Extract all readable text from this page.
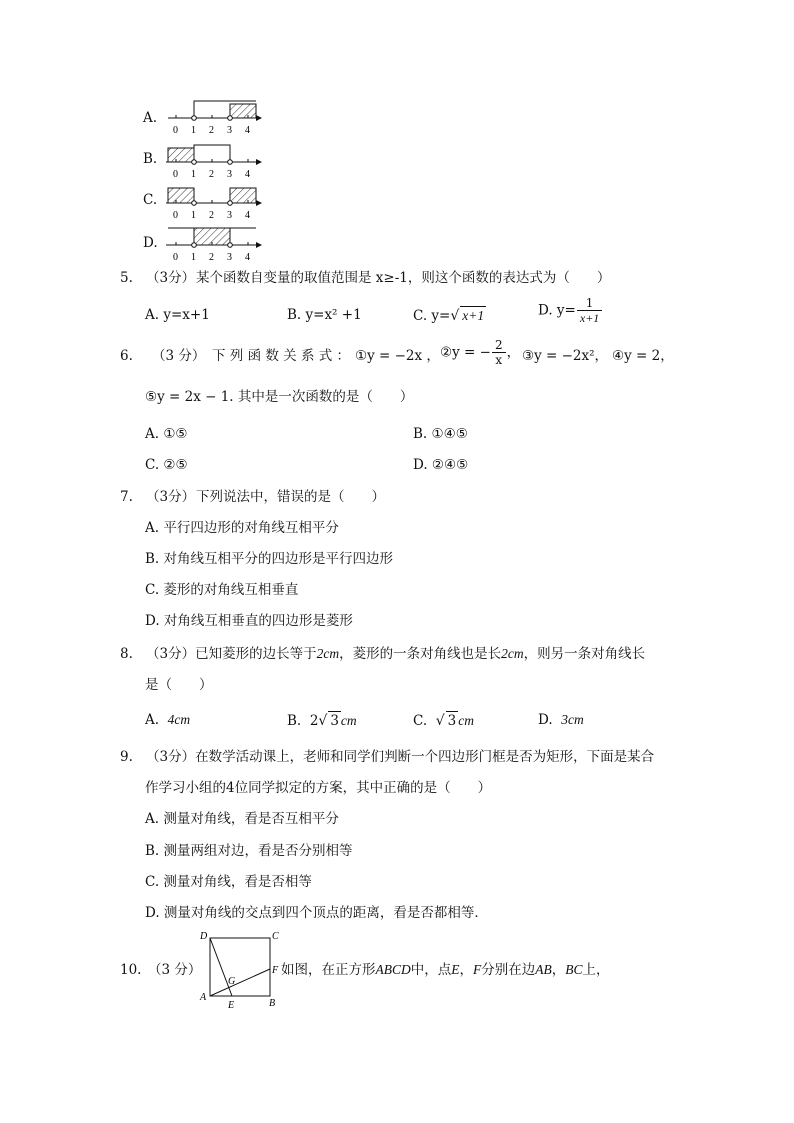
A.
B.
C.
D.
0 1 2 3 4
0 1 2 3 4
0 1 2 3 4
0 1 2 3 4
5. （3分） 某个函数自变量的取值范围是 x≥-1，则这个函数的表达式为（　　）
A. y=x+1	B. y=x² +1	C. y=√ x+1	D. $y= \frac{1}{x+1}$
6. （3 分） 下 列 函 数 关 系 式 ： ①y = −2x ， ②y = − $\frac{2}{x}$ ， ③y = −2x²， ④y = 2，
⑤y = 2x − 1. 其中是一次函数的是（　　）
A. ①⑤	B. ①④⑤
C. ②⑤	D. ②④⑤
7. （3分） 下列说法中，错误的是（　　）
A. 平行四边形的对角线互相平分
B. 对角线互相平分的四边形是平行四边形
C. 菱形的对角线互相垂直
D. 对角线互相垂直的四边形是菱形
8. （3分）已知菱形的边长等于2cm，菱形的一条对角线也是长2cm，则另一条对角线长
是（　　）
A. 4cm	B. 2√ 3 cm	C. √ 3 cm	D. 3cm
9. （3分）在数学活动课上，老师和同学们判断一个四边形门框是否为矩形，下面是某合
作学习小组的4位同学拟定的方案，其中正确的是（　　）
A. 测量对角线，看是否互相平分
B. 测量两组对边，看是否分别相等
C. 测量对角线，看是否相等
D. 测量对角线的交点到四个顶点的距离，看是否都相等．
10. （3 分）
D	C
A
B
E
F
G
如图，在正方形ABCD中，点E，F分别在边AB，BC上，
